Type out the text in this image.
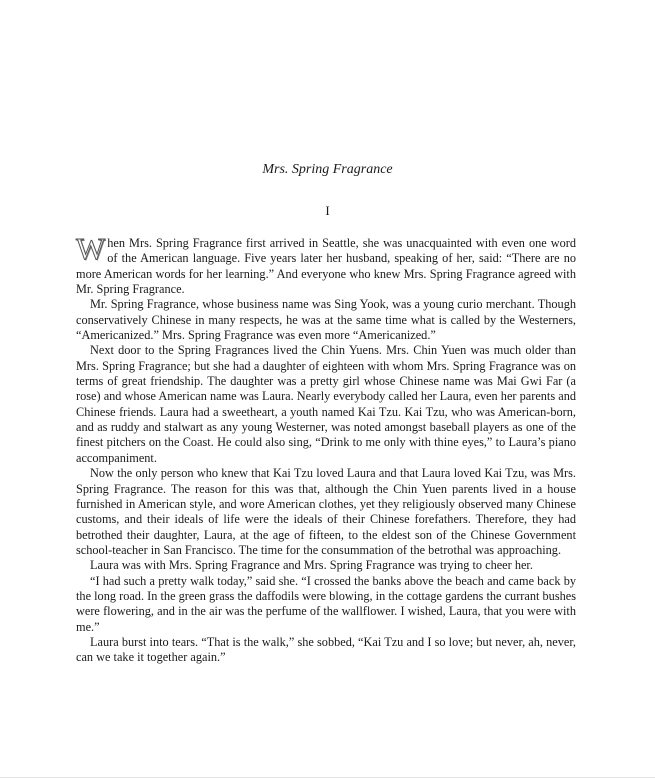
Mrs. Spring Fragrance
I

When Mrs. Spring Fragrance first arrived in Seattle, she was unacquainted with even one word of the American language. Five years later her husband, speaking of her, said: “There are no more American words for her learning.” And everyone who knew Mrs. Spring Fragrance agreed with Mr. Spring Fragrance.

Mr. Spring Fragrance, whose business name was Sing Yook, was a young curio merchant. Though conservatively Chinese in many respects, he was at the same time what is called by the Westerners, “Americanized.” Mrs. Spring Fragrance was even more “Americanized.”

Next door to the Spring Fragrances lived the Chin Yuens. Mrs. Chin Yuen was much older than Mrs. Spring Fragrance; but she had a daughter of eighteen with whom Mrs. Spring Fragrance was on terms of great friendship. The daughter was a pretty girl whose Chinese name was Mai Gwi Far (a rose) and whose American name was Laura. Nearly everybody called her Laura, even her parents and Chinese friends. Laura had a sweetheart, a youth named Kai Tzu. Kai Tzu, who was American-born, and as ruddy and stalwart as any young Westerner, was noted amongst baseball players as one of the finest pitchers on the Coast. He could also sing, “Drink to me only with thine eyes,” to Laura’s piano accompaniment.

Now the only person who knew that Kai Tzu loved Laura and that Laura loved Kai Tzu, was Mrs. Spring Fragrance. The reason for this was that, although the Chin Yuen parents lived in a house furnished in American style, and wore American clothes, yet they religiously observed many Chinese customs, and their ideals of life were the ideals of their Chinese forefathers. Therefore, they had betrothed their daughter, Laura, at the age of fifteen, to the eldest son of the Chinese Government school-teacher in San Francisco. The time for the consummation of the betrothal was approaching.

Laura was with Mrs. Spring Fragrance and Mrs. Spring Fragrance was trying to cheer her.

“I had such a pretty walk today,” said she. “I crossed the banks above the beach and came back by the long road. In the green grass the daffodils were blowing, in the cottage gardens the currant bushes were flowering, and in the air was the perfume of the wallflower. I wished, Laura, that you were with me.”

Laura burst into tears. “That is the walk,” she sobbed, “Kai Tzu and I so love; but never, ah, never, can we take it together again.”
